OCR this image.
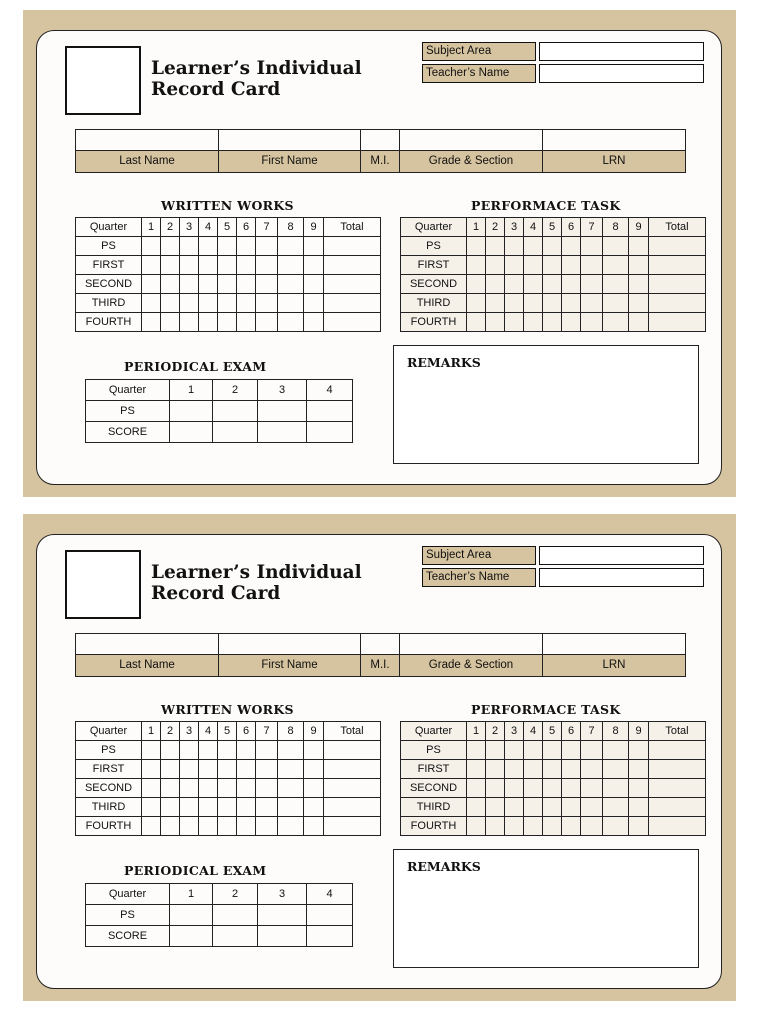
Learner’s Individual
Record Card
Subject Area
Teacher’s Name

Last Name	First Name	M.I.	Grade & Section	LRN
WRITTEN WORKS
Quarter	1	2	3	4	5	6	7	8	9	Total
PS										
FIRST										
SECOND										
THIRD										
FOURTH										
PERFORMACE TASK
Quarter	1	2	3	4	5	6	7	8	9	Total
PS										
FIRST										
SECOND										
THIRD										
FOURTH										
PERIODICAL EXAM
Quarter	1	2	3	4
PS				
SCORE				
REMARKS
Learner’s Individual
Record Card
Subject Area
Teacher’s Name

Last Name	First Name	M.I.	Grade & Section	LRN
WRITTEN WORKS
Quarter	1	2	3	4	5	6	7	8	9	Total
PS										
FIRST										
SECOND										
THIRD										
FOURTH										
PERFORMACE TASK
Quarter	1	2	3	4	5	6	7	8	9	Total
PS										
FIRST										
SECOND										
THIRD										
FOURTH										
PERIODICAL EXAM
Quarter	1	2	3	4
PS				
SCORE				
REMARKS
